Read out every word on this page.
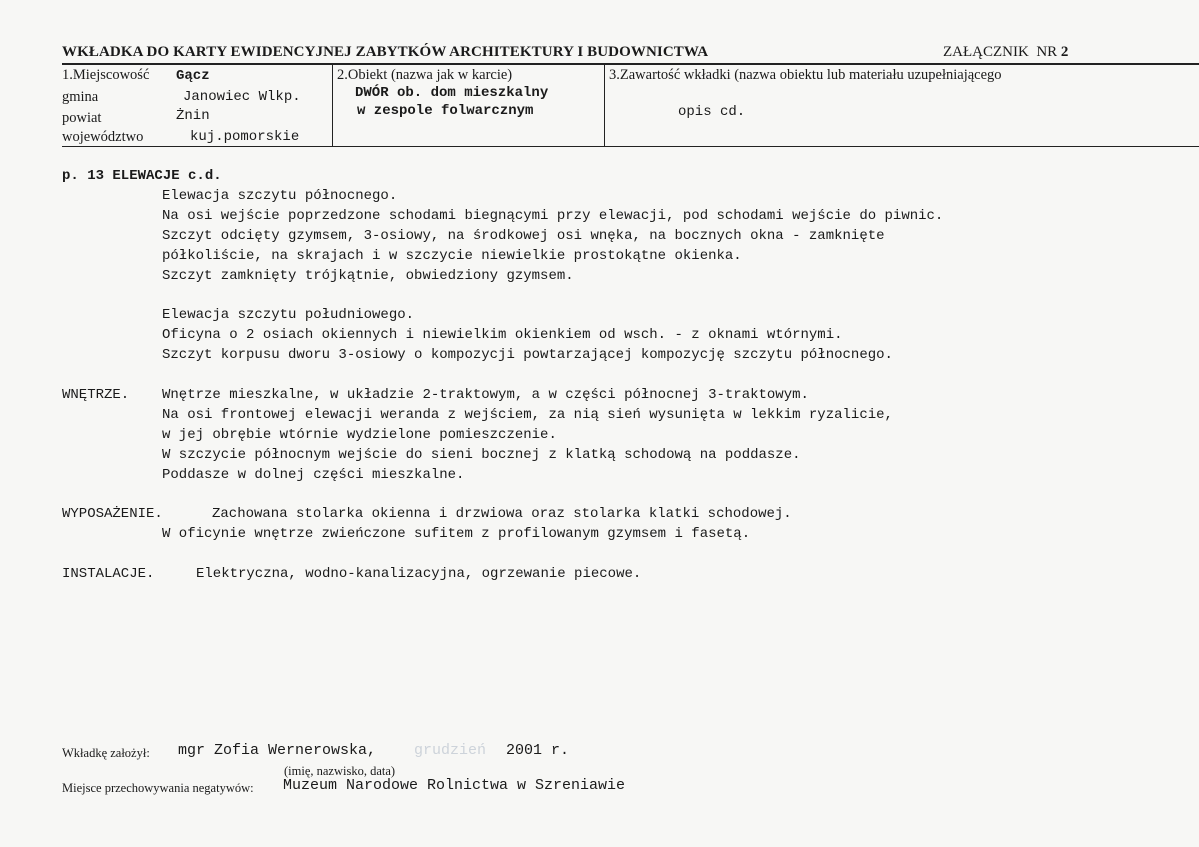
WKŁADKA DO KARTY EWIDENCYJNEJ ZABYTKÓW ARCHITEKTURY I BUDOWNICTWA	ZAŁĄCZNIK  NR 2
1.Miejscowość Gącz
gmina	Janowiec Wlkp.
powiat	Żnin
województwo	kuj.pomorskie
2.Obiekt (nazwa jak w karcie)
DWÓR ob. dom mieszkalny
w zespole folwarcznym
3.Zawartość wkładki (nazwa obiektu lub materiału uzupełniającego
opis cd.
p. 13 ELEWACJE c.d.
Elewacja szczytu północnego.
Na osi wejście poprzedzone schodami biegnącymi przy elewacji, pod schodami wejście do piwnic.
Szczyt odcięty gzymsem, 3-osiowy, na środkowej osi wnęka, na bocznych okna - zamknięte
półkoliście, na skrajach i w szczycie niewielkie prostokątne okienka.
Szczyt zamknięty trójkątnie, obwiedziony gzymsem.

Elewacja szczytu południowego.
Oficyna o 2 osiach okiennych i niewielkim okienkiem od wsch. - z oknami wtórnymi.
Szczyt korpusu dworu 3-osiowy o kompozycji powtarzającej kompozycję szczytu północnego.

WNĘTRZE. Wnętrze mieszkalne, w układzie 2-traktowym, a w części północnej 3-traktowym.
Na osi frontowej elewacji weranda z wejściem, za nią sień wysunięta w lekkim ryzalicie,
w jej obrębie wtórnie wydzielone pomieszczenie.
W szczycie północnym wejście do sieni bocznej z klatką schodową na poddasze.
Poddasze w dolnej części mieszkalne.

WYPOSAŻENIE.	Zachowana stolarka okienna i drzwiowa oraz stolarka klatki schodowej.
W oficynie wnętrze zwieńczone sufitem z profilowanym gzymsem i fasetą.

INSTALACJE.	Elektryczna, wodno-kanalizacyjna, ogrzewanie piecowe.
Wkładkę założył: mgr Zofia Wernerowska,	grudzień 2001 r.
(imię, nazwisko, data)
Miejsce przechowywania negatywów: Muzeum Narodowe Rolnictwa w Szreniawie
